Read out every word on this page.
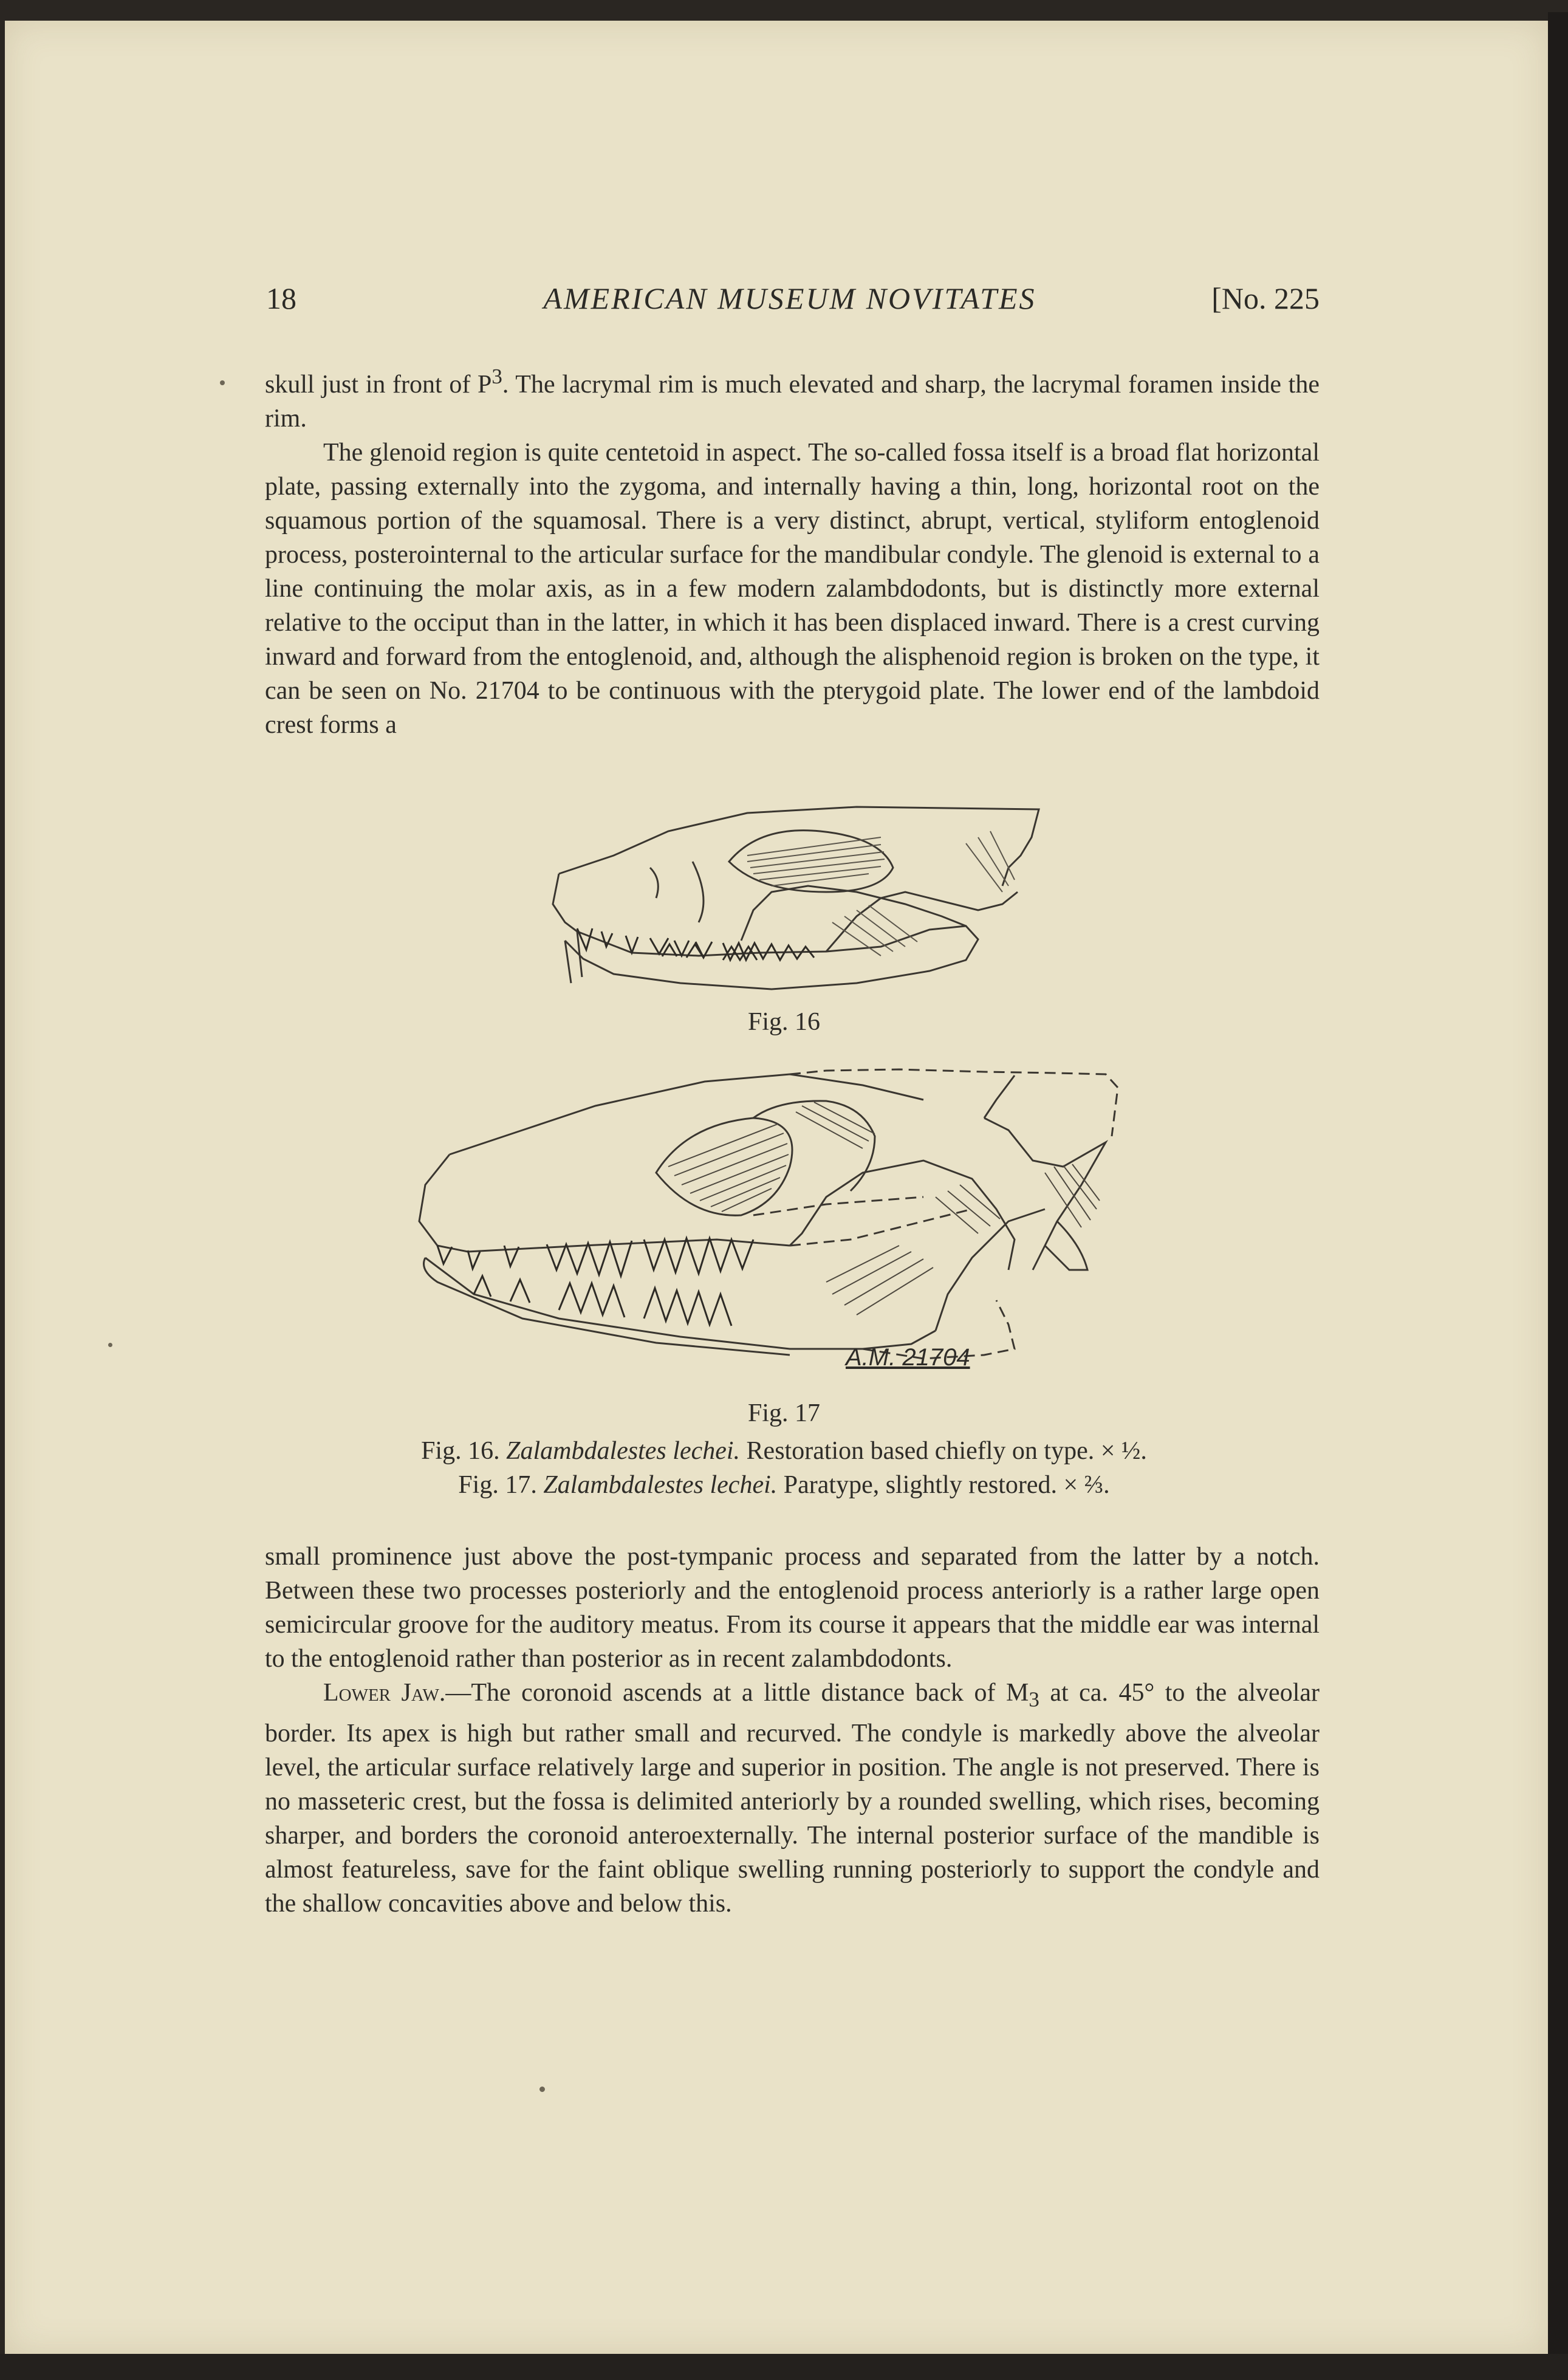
18	AMERICAN MUSEUM NOVITATES	[No. 225

skull just in front of $P^3$. The lacrymal rim is much elevated and sharp, the lacrymal foramen inside the rim.

The glenoid region is quite centetoid in aspect. The so-called fossa itself is a broad flat horizontal plate, passing externally into the zygoma, and internally having a thin, long, horizontal root on the squamous portion of the squamosal. There is a very distinct, abrupt, vertical, styliform entoglenoid process, posterointernal to the articular surface for the mandibular condyle. The glenoid is external to a line continuing the molar axis, as in a few modern zalambdodonts, but is distinctly more external relative to the occiput than in the latter, in which it has been displaced inward. There is a crest curving inward and forward from the entoglenoid, and, although the alisphenoid region is broken on the type, it can be seen on No. 21704 to be continuous with the pterygoid plate. The lower end of the lambdoid crest forms a

Fig. 16
A.M. 21704
Fig. 17
Fig. 16. Zalambdalestes lechei. Restoration based chiefly on type. × ½.
Fig. 17. Zalambdalestes lechei. Paratype, slightly restored. × ⅔.

small prominence just above the post-tympanic process and separated from the latter by a notch. Between these two processes posteriorly and the entoglenoid process anteriorly is a rather large open semicircular groove for the auditory meatus. From its course it appears that the middle ear was internal to the entoglenoid rather than posterior as in recent zalambdodonts.

Lower Jaw.—The coronoid ascends at a little distance back of $M_3$ at ca. 45° to the alveolar border. Its apex is high but rather small and recurved. The condyle is markedly above the alveolar level, the articular surface relatively large and superior in position. The angle is not preserved. There is no masseteric crest, but the fossa is delimited anteriorly by a rounded swelling, which rises, becoming sharper, and borders the coronoid anteroexternally. The internal posterior surface of the mandible is almost featureless, save for the faint oblique swelling running posteriorly to support the condyle and the shallow concavities above and below this.
